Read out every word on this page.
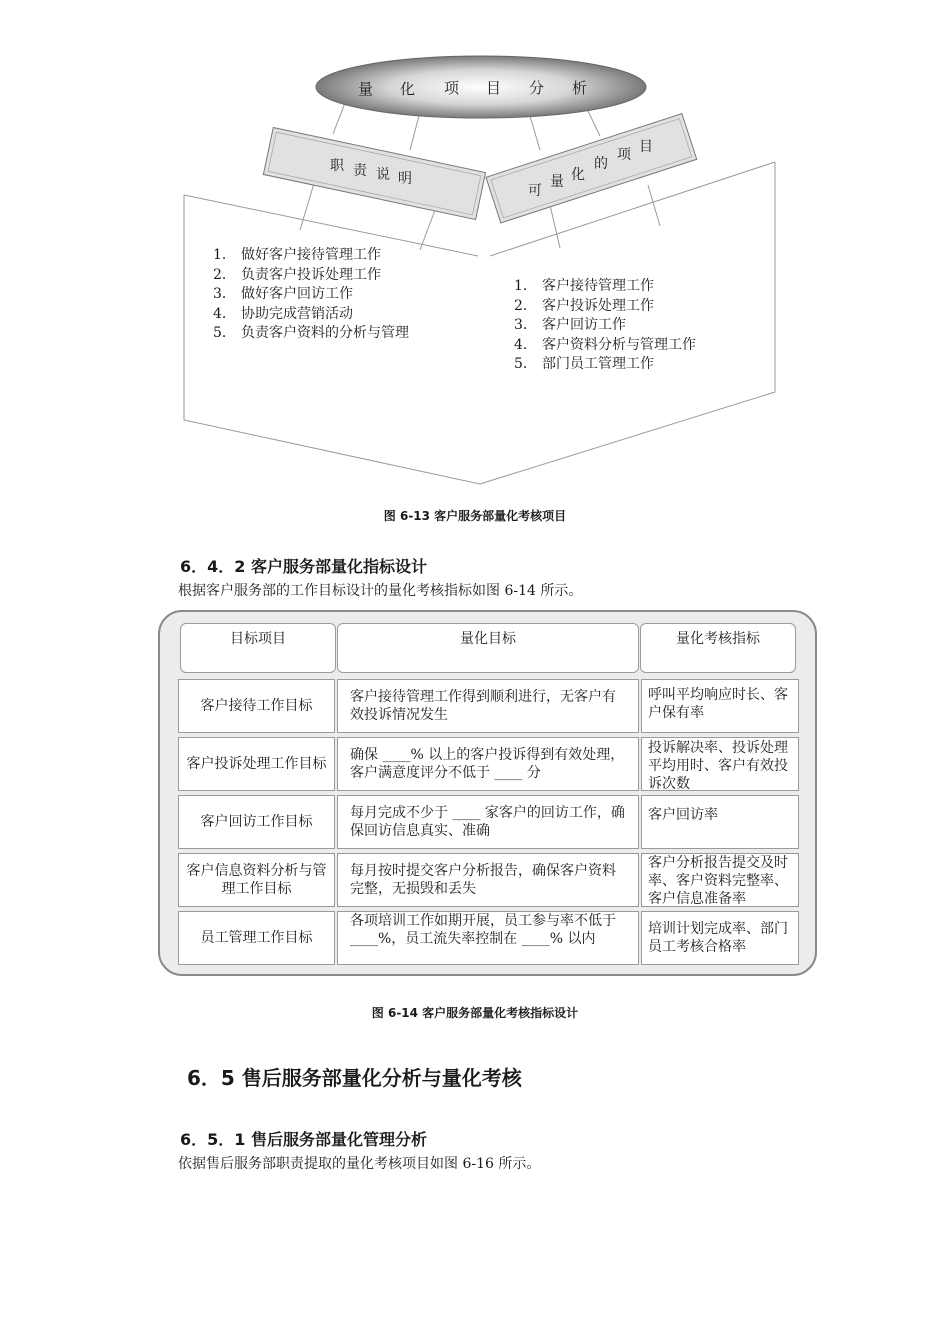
量 化 项 目 分 析
职 责 说 明
可
量 化
的
项 目
1． 做好客户接待管理工作
2． 负责客户投诉处理工作
3． 做好客户回访工作
4． 协助完成营销活动
5． 负责客户资料的分析与管理
1． 客户接待管理工作
2． 客户投诉处理工作
3． 客户回访工作
4． 客户资料分析与管理工作
5． 部门员工管理工作
图 6-13 客户服务部量化考核项目
6．4．2 客户服务部量化指标设计
根据客户服务部的工作目标设计的量化考核指标如图 6-14 所示。
目标项目	量化目标	量化考核指标
客户接待工作目标
客户接待管理工作得到顺利进行，无客户有效投诉情况发生
呼叫平均响应时长、客户保有率
客户投诉处理工作目标
确保 ____% 以上的客户投诉得到有效处理，客户满意度评分不低于 ____ 分
投诉解决率、投诉处理平均用时、客户有效投诉次数
客户回访工作目标
每月完成不少于 ____ 家客户的回访工作，确保回访信息真实、准确
客户回访率
客户信息资料分析与管理工作目标
每月按时提交客户分析报告，确保客户资料完整，无损毁和丢失
客户分析报告提交及时率、客户资料完整率、客户信息准备率
员工管理工作目标
各项培训工作如期开展，员工参与率不低于 ____%，员工流失率控制在 ____% 以内
培训计划完成率、部门员工考核合格率
图 6-14 客户服务部量化考核指标设计
6．5 售后服务部量化分析与量化考核
6．5．1 售后服务部量化管理分析
依据售后服务部职责提取的量化考核项目如图 6-16 所示。
